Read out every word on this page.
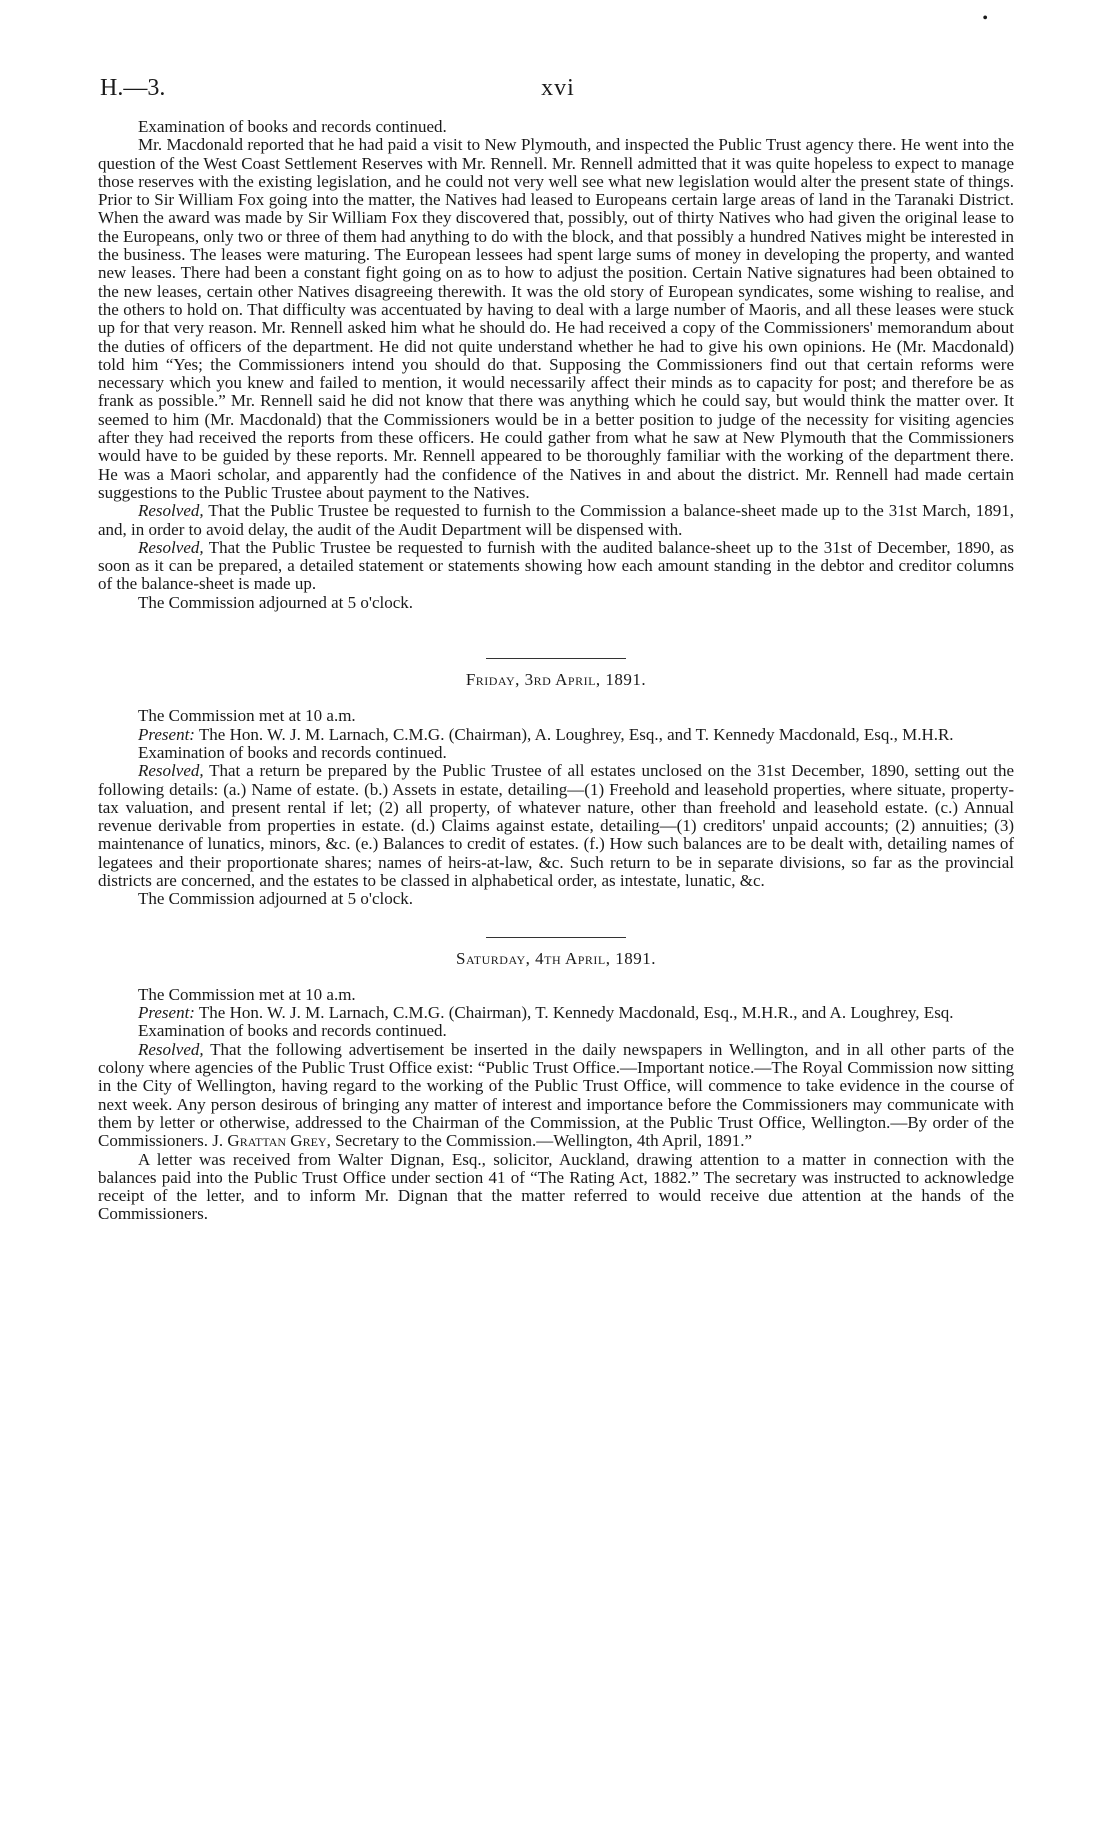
•
H.—3.	xvi

Examination of books and records continued.

Mr. Macdonald reported that he had paid a visit to New Plymouth, and inspected the Public Trust agency there. He went into the question of the West Coast Settlement Reserves with Mr. Rennell. Mr. Rennell admitted that it was quite hopeless to expect to manage those reserves with the existing legislation, and he could not very well see what new legislation would alter the present state of things. Prior to Sir William Fox going into the matter, the Natives had leased to Europeans certain large areas of land in the Taranaki District. When the award was made by Sir William Fox they discovered that, possibly, out of thirty Natives who had given the original lease to the Europeans, only two or three of them had anything to do with the block, and that possibly a hundred Natives might be interested in the business. The leases were maturing. The European lessees had spent large sums of money in developing the property, and wanted new leases. There had been a constant fight going on as to how to adjust the position. Certain Native signatures had been obtained to the new leases, certain other Natives disagreeing therewith. It was the old story of European syndicates, some wishing to realise, and the others to hold on. That difficulty was accentuated by having to deal with a large number of Maoris, and all these leases were stuck up for that very reason. Mr. Rennell asked him what he should do. He had received a copy of the Commissioners' memorandum about the duties of officers of the department. He did not quite understand whether he had to give his own opinions. He (Mr. Macdonald) told him “Yes; the Commissioners intend you should do that. Supposing the Commissioners find out that certain reforms were necessary which you knew and failed to mention, it would necessarily affect their minds as to capacity for post; and therefore be as frank as possible.” Mr. Rennell said he did not know that there was anything which he could say, but would think the matter over. It seemed to him (Mr. Macdonald) that the Commissioners would be in a better position to judge of the necessity for visiting agencies after they had received the reports from these officers. He could gather from what he saw at New Plymouth that the Commissioners would have to be guided by these reports. Mr. Rennell appeared to be thoroughly familiar with the working of the department there. He was a Maori scholar, and apparently had the confidence of the Natives in and about the district. Mr. Rennell had made certain suggestions to the Public Trustee about payment to the Natives.

Resolved, That the Public Trustee be requested to furnish to the Commission a balance-sheet made up to the 31st March, 1891, and, in order to avoid delay, the audit of the Audit Department will be dispensed with.

Resolved, That the Public Trustee be requested to furnish with the audited balance-sheet up to the 31st of December, 1890, as soon as it can be prepared, a detailed statement or statements showing how each amount standing in the debtor and creditor columns of the balance-sheet is made up.

The Commission adjourned at 5 o'clock.

Friday, 3rd April, 1891.

The Commission met at 10 a.m.

Present: The Hon. W. J. M. Larnach, C.M.G. (Chairman), A. Loughrey, Esq., and T. Kennedy Macdonald, Esq., M.H.R.

Examination of books and records continued.

Resolved, That a return be prepared by the Public Trustee of all estates unclosed on the 31st December, 1890, setting out the following details: (a.) Name of estate. (b.) Assets in estate, detailing—(1) Freehold and leasehold properties, where situate, property-tax valuation, and present rental if let; (2) all property, of whatever nature, other than freehold and leasehold estate. (c.) Annual revenue derivable from properties in estate. (d.) Claims against estate, detailing—(1) creditors' unpaid accounts; (2) annuities; (3) maintenance of lunatics, minors, &c. (e.) Balances to credit of estates. (f.) How such balances are to be dealt with, detailing names of legatees and their proportionate shares; names of heirs-at-law, &c. Such return to be in separate divisions, so far as the provincial districts are concerned, and the estates to be classed in alphabetical order, as intestate, lunatic, &c.

The Commission adjourned at 5 o'clock.

Saturday, 4th April, 1891.

The Commission met at 10 a.m.

Present: The Hon. W. J. M. Larnach, C.M.G. (Chairman), T. Kennedy Macdonald, Esq., M.H.R., and A. Loughrey, Esq.

Examination of books and records continued.

Resolved, That the following advertisement be inserted in the daily newspapers in Wellington, and in all other parts of the colony where agencies of the Public Trust Office exist: “Public Trust Office.—Important notice.—The Royal Commission now sitting in the City of Wellington, having regard to the working of the Public Trust Office, will commence to take evidence in the course of next week. Any person desirous of bringing any matter of interest and importance before the Commissioners may communicate with them by letter or otherwise, addressed to the Chairman of the Commission, at the Public Trust Office, Wellington.—By order of the Commissioners. J. Grattan Grey, Secretary to the Commission.—Wellington, 4th April, 1891.”

A letter was received from Walter Dignan, Esq., solicitor, Auckland, drawing attention to a matter in connection with the balances paid into the Public Trust Office under section 41 of “The Rating Act, 1882.” The secretary was instructed to acknowledge receipt of the letter, and to inform Mr. Dignan that the matter referred to would receive due attention at the hands of the Commissioners.
